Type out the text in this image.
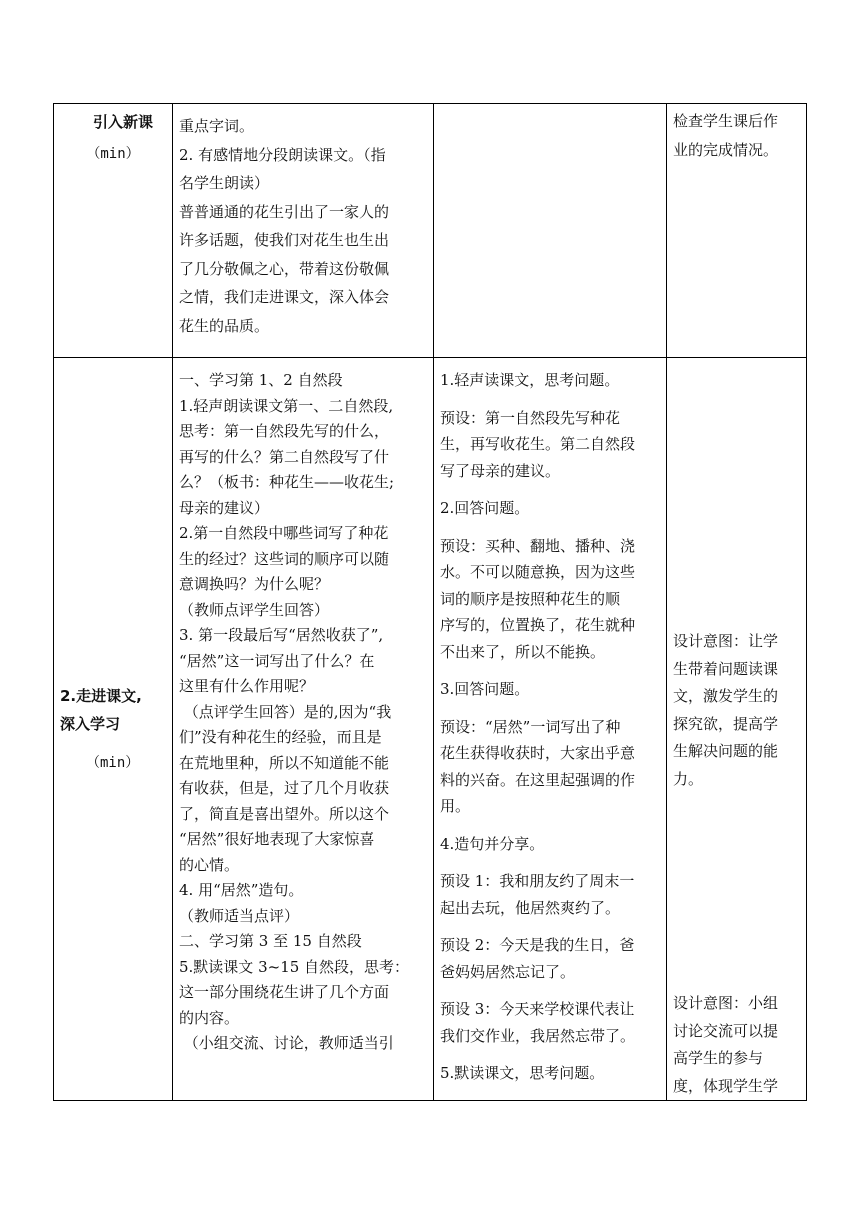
引入新课
（min）

重点字词。

2. 有感情地分段朗读课文。（指

名学生朗读）

普普通通的花生引出了一家人的

许多话题，使我们对花生也生出

了几分敬佩之心，带着这份敬佩

之情，我们走进课文，深入体会

花生的品质。

检查学生课后作

业的完成情况。

2.走进课文,
深入学习
（min）

一、学习第 1、2 自然段

1.轻声朗读课文第一、二自然段,

思考：第一自然段先写的什么，

再写的什么？第二自然段写了什

么？（板书：种花生——收花生;

母亲的建议）

2.第一自然段中哪些词写了种花

生的经过？这些词的顺序可以随

意调换吗？为什么呢？

（教师点评学生回答）

3. 第一段最后写“居然收获了”,

“居然”这一词写出了什么？在

这里有什么作用呢？

（点评学生回答）是的,因为“我

们”没有种花生的经验，而且是

在荒地里种，所以不知道能不能

有收获，但是，过了几个月收获

了，简直是喜出望外。所以这个

“居然”很好地表现了大家惊喜

的心情。

4. 用“居然”造句。

（教师适当点评）

二、学习第 3 至 15 自然段

5.默读课文 3~15 自然段，思考：

这一部分围绕花生讲了几个方面

的内容。

（小组交流、讨论，教师适当引

1.轻声读课文，思考问题。

预设：第一自然段先写种花

生，再写收花生。第二自然段

写了母亲的建议。

2.回答问题。

预设：买种、翻地、播种、浇

水。不可以随意换，因为这些

词的顺序是按照种花生的顺

序写的，位置换了，花生就种

不出来了，所以不能换。

3.回答问题。

预设：“居然”一词写出了种

花生获得收获时，大家出乎意

料的兴奋。在这里起强调的作

用。

4.造句并分享。

预设 1：我和朋友约了周末一

起出去玩，他居然爽约了。

预设 2：今天是我的生日，爸

爸妈妈居然忘记了。

预设 3：今天来学校课代表让

我们交作业，我居然忘带了。

5.默读课文，思考问题。

设计意图：让学

生带着问题读课

文，激发学生的

探究欲，提高学

生解决问题的能

力。

设计意图：小组

讨论交流可以提

高学生的参与

度，体现学生学
